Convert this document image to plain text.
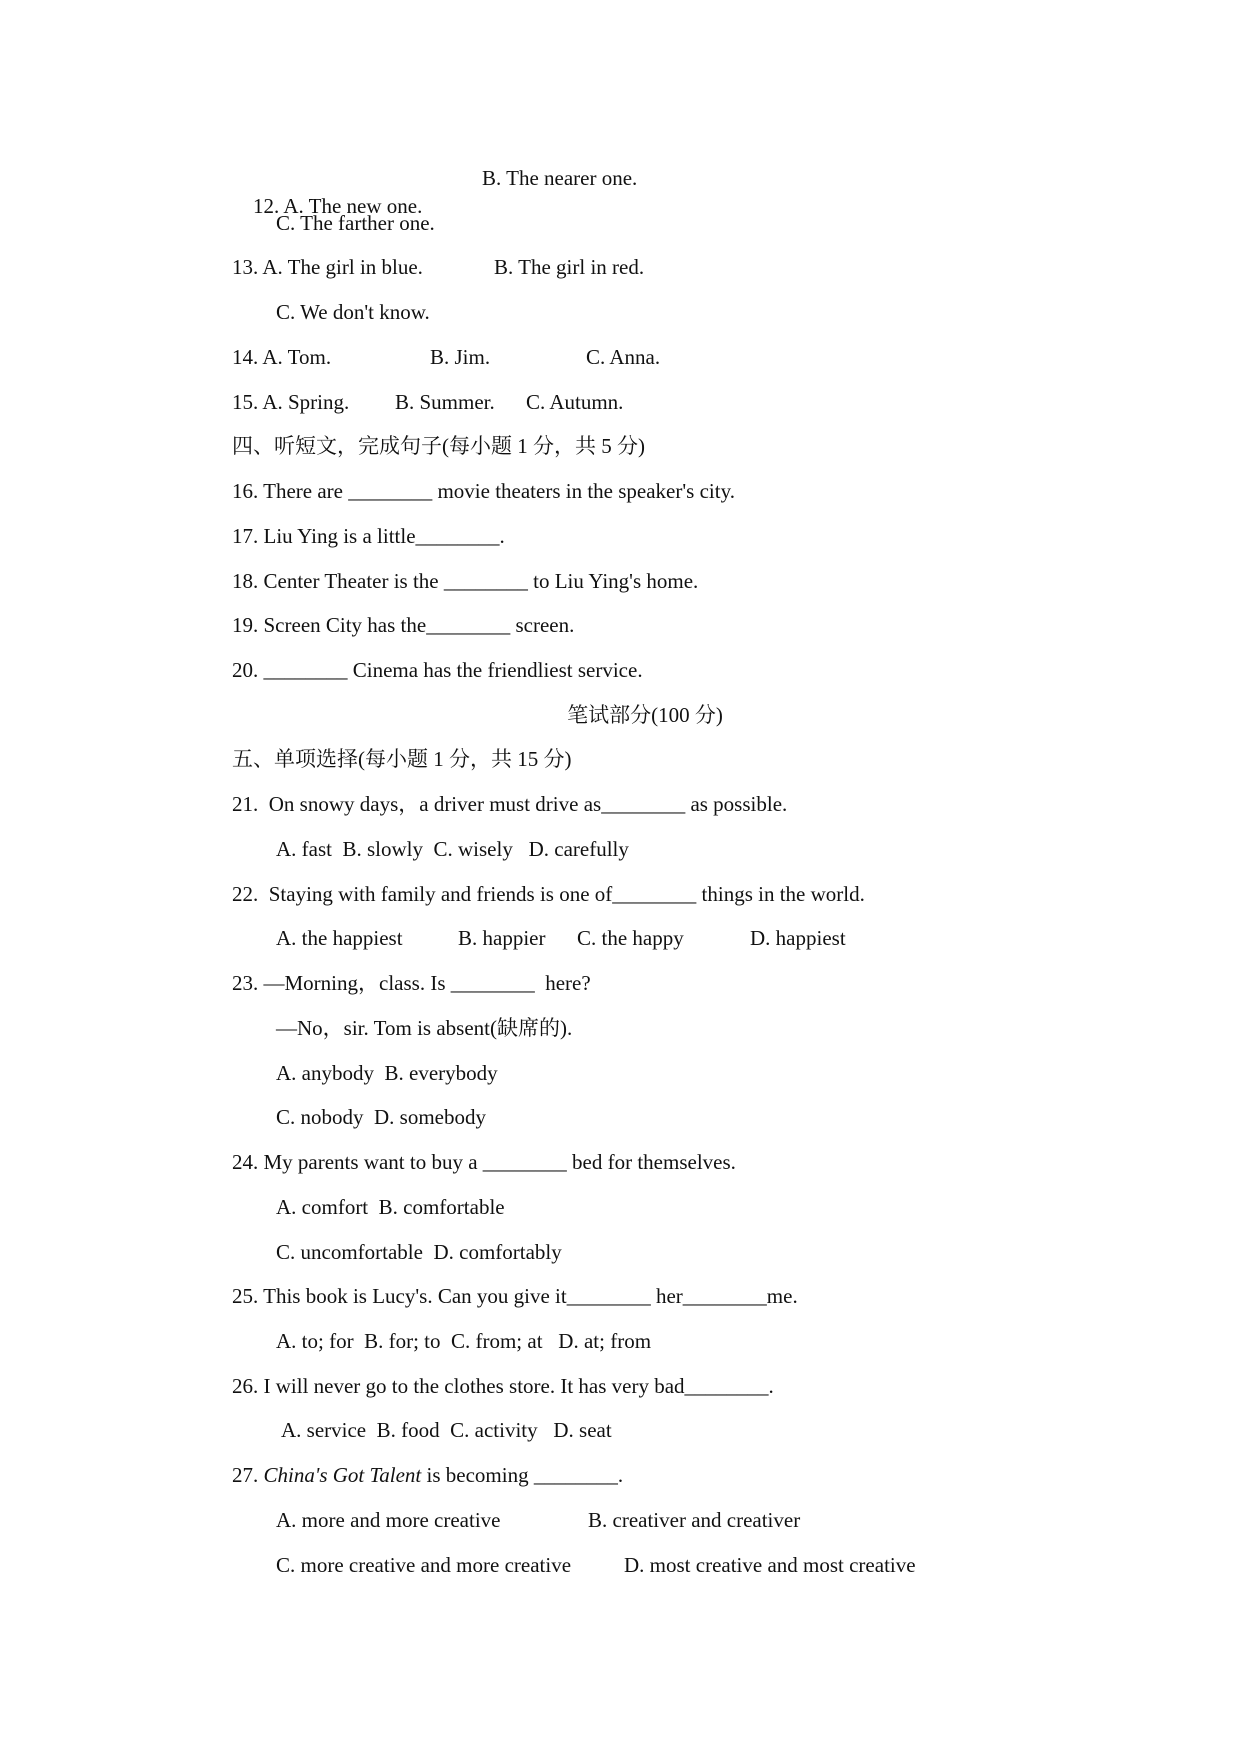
12. A. The new one.

B. The nearer one.
C. The farther one.
13. A. The girl in blue.	B. The girl in red.
C. We don't know.
14. A. Tom.	B. Jim.	C. Anna.
15. A. Spring. B. Summer. C. Autumn.
四、听短文，完成句子(每小题 1 分，共 5 分)
16. There are ________ movie theaters in the speaker's city.
17. Liu Ying is a little________.
18. Center Theater is the ________ to Liu Ying's home.
19. Screen City has the________ screen.
20. ________ Cinema has the friendliest service.
笔试部分(100 分)
五、单项选择(每小题 1 分，共 15 分)
21.  On snowy days，a driver must drive as________ as possible.
A. fast  B. slowly  C. wisely   D. carefully
22.  Staying with family and friends is one of________ things in the world.
A. the happiest	B. happier C. the happy	D. happiest
23. —Morning，class. Is ________  here?
—No，sir. Tom is absent(缺席的).
A. anybody  B. everybody
C. nobody  D. somebody
24. My parents want to buy a ________ bed for themselves.
A. comfort  B. comfortable
C. uncomfortable  D. comfortably
25. This book is Lucy's. Can you give it________ her________me.
A. to; for  B. for; to  C. from; at   D. at; from
26. I will never go to the clothes store. It has very bad________.
A. service  B. food  C. activity   D. seat
27. China's Got Talent is becoming ________.
A. more and more creative	B. creativer and creativer
C. more creative and more creative	D. most creative and most creative
